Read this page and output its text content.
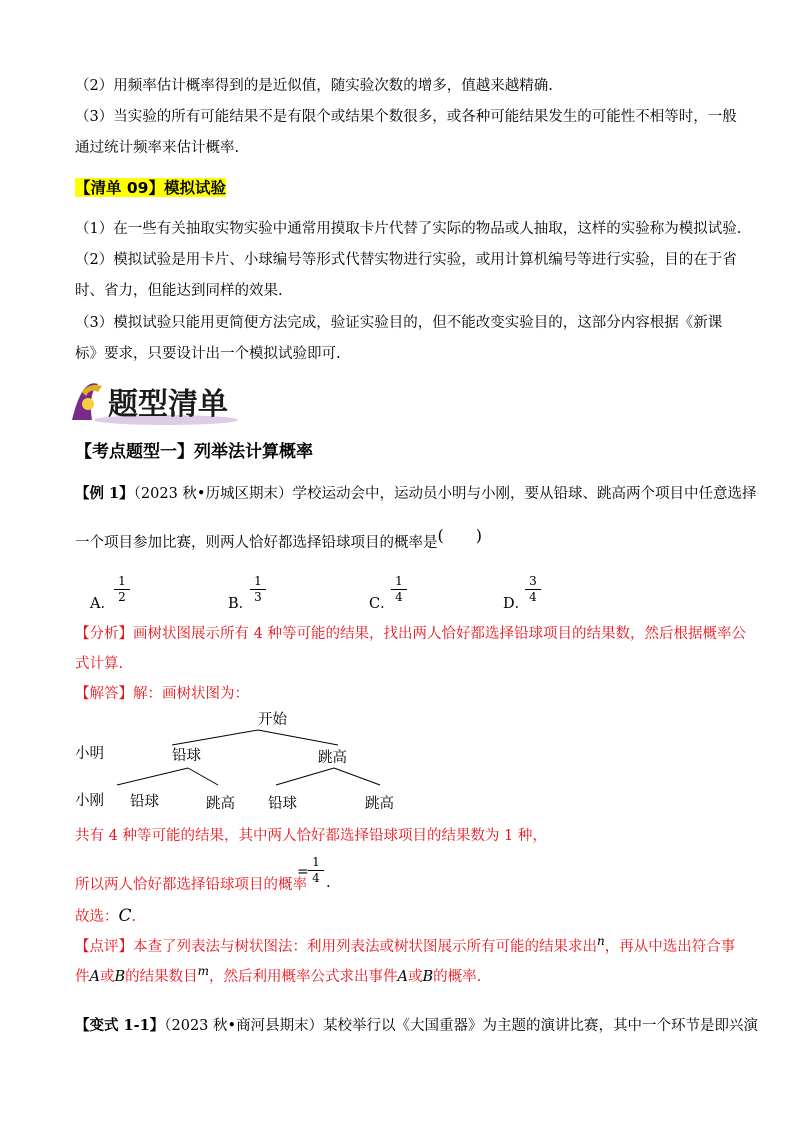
（2）用频率估计概率得到的是近似值，随实验次数的增多，值越来越精确.
（3）当实验的所有可能结果不是有限个或结果个数很多，或各种可能结果发生的可能性不相等时，一般
通过统计频率来估计概率.
【清单 09】模拟试验
（1）在一些有关抽取实物实验中通常用摸取卡片代替了实际的物品或人抽取，这样的实验称为模拟试验.
（2）模拟试验是用卡片、小球编号等形式代替实物进行实验，或用计算机编号等进行实验，目的在于省
时、省力，但能达到同样的效果.
（3）模拟试验只能用更简便方法完成，验证实验目的，但不能改变实验目的，这部分内容根据《新课
标》要求，只要设计出一个模拟试验即可.
题型清单
【考点题型一】列举法计算概率
【例 1】（2023 秋•历城区期末）学校运动会中，运动员小明与小刚，要从铅球、跳高两个项目中任意选择
一个项目参加比赛，则两人恰好都选择铅球项目的概率是(　　)
A． $\frac{1}{2}$	B．
$\frac{1}{3}$	C．
$\frac{1}{4}$	D．
$\frac{3}{4}$
【分析】画树状图展示所有 4 种等可能的结果，找出两人恰好都选择铅球项目的结果数，然后根据概率公
式计算.
【解答】解：画树状图为：
开始
小明
小刚
铅球	跳高
铅球	跳高 铅球	跳高
共有 4 种等可能的结果，其中两人恰好都选择铅球项目的结果数为 1 种，
所以两人恰好都选择铅球项目的概率
= $\frac{1}{4}$ .
故选：C.
【点评】本查了列表法与树状图法：利用列表法或树状图展示所有可能的结果求出$^n$，再从中选出符合事
件A或B的结果数目$^m$，然后利用概率公式求出事件A或B的概率.
【变式 1-1】（2023 秋•商河县期末）某校举行以《大国重器》为主题的演讲比赛，其中一个环节是即兴演
